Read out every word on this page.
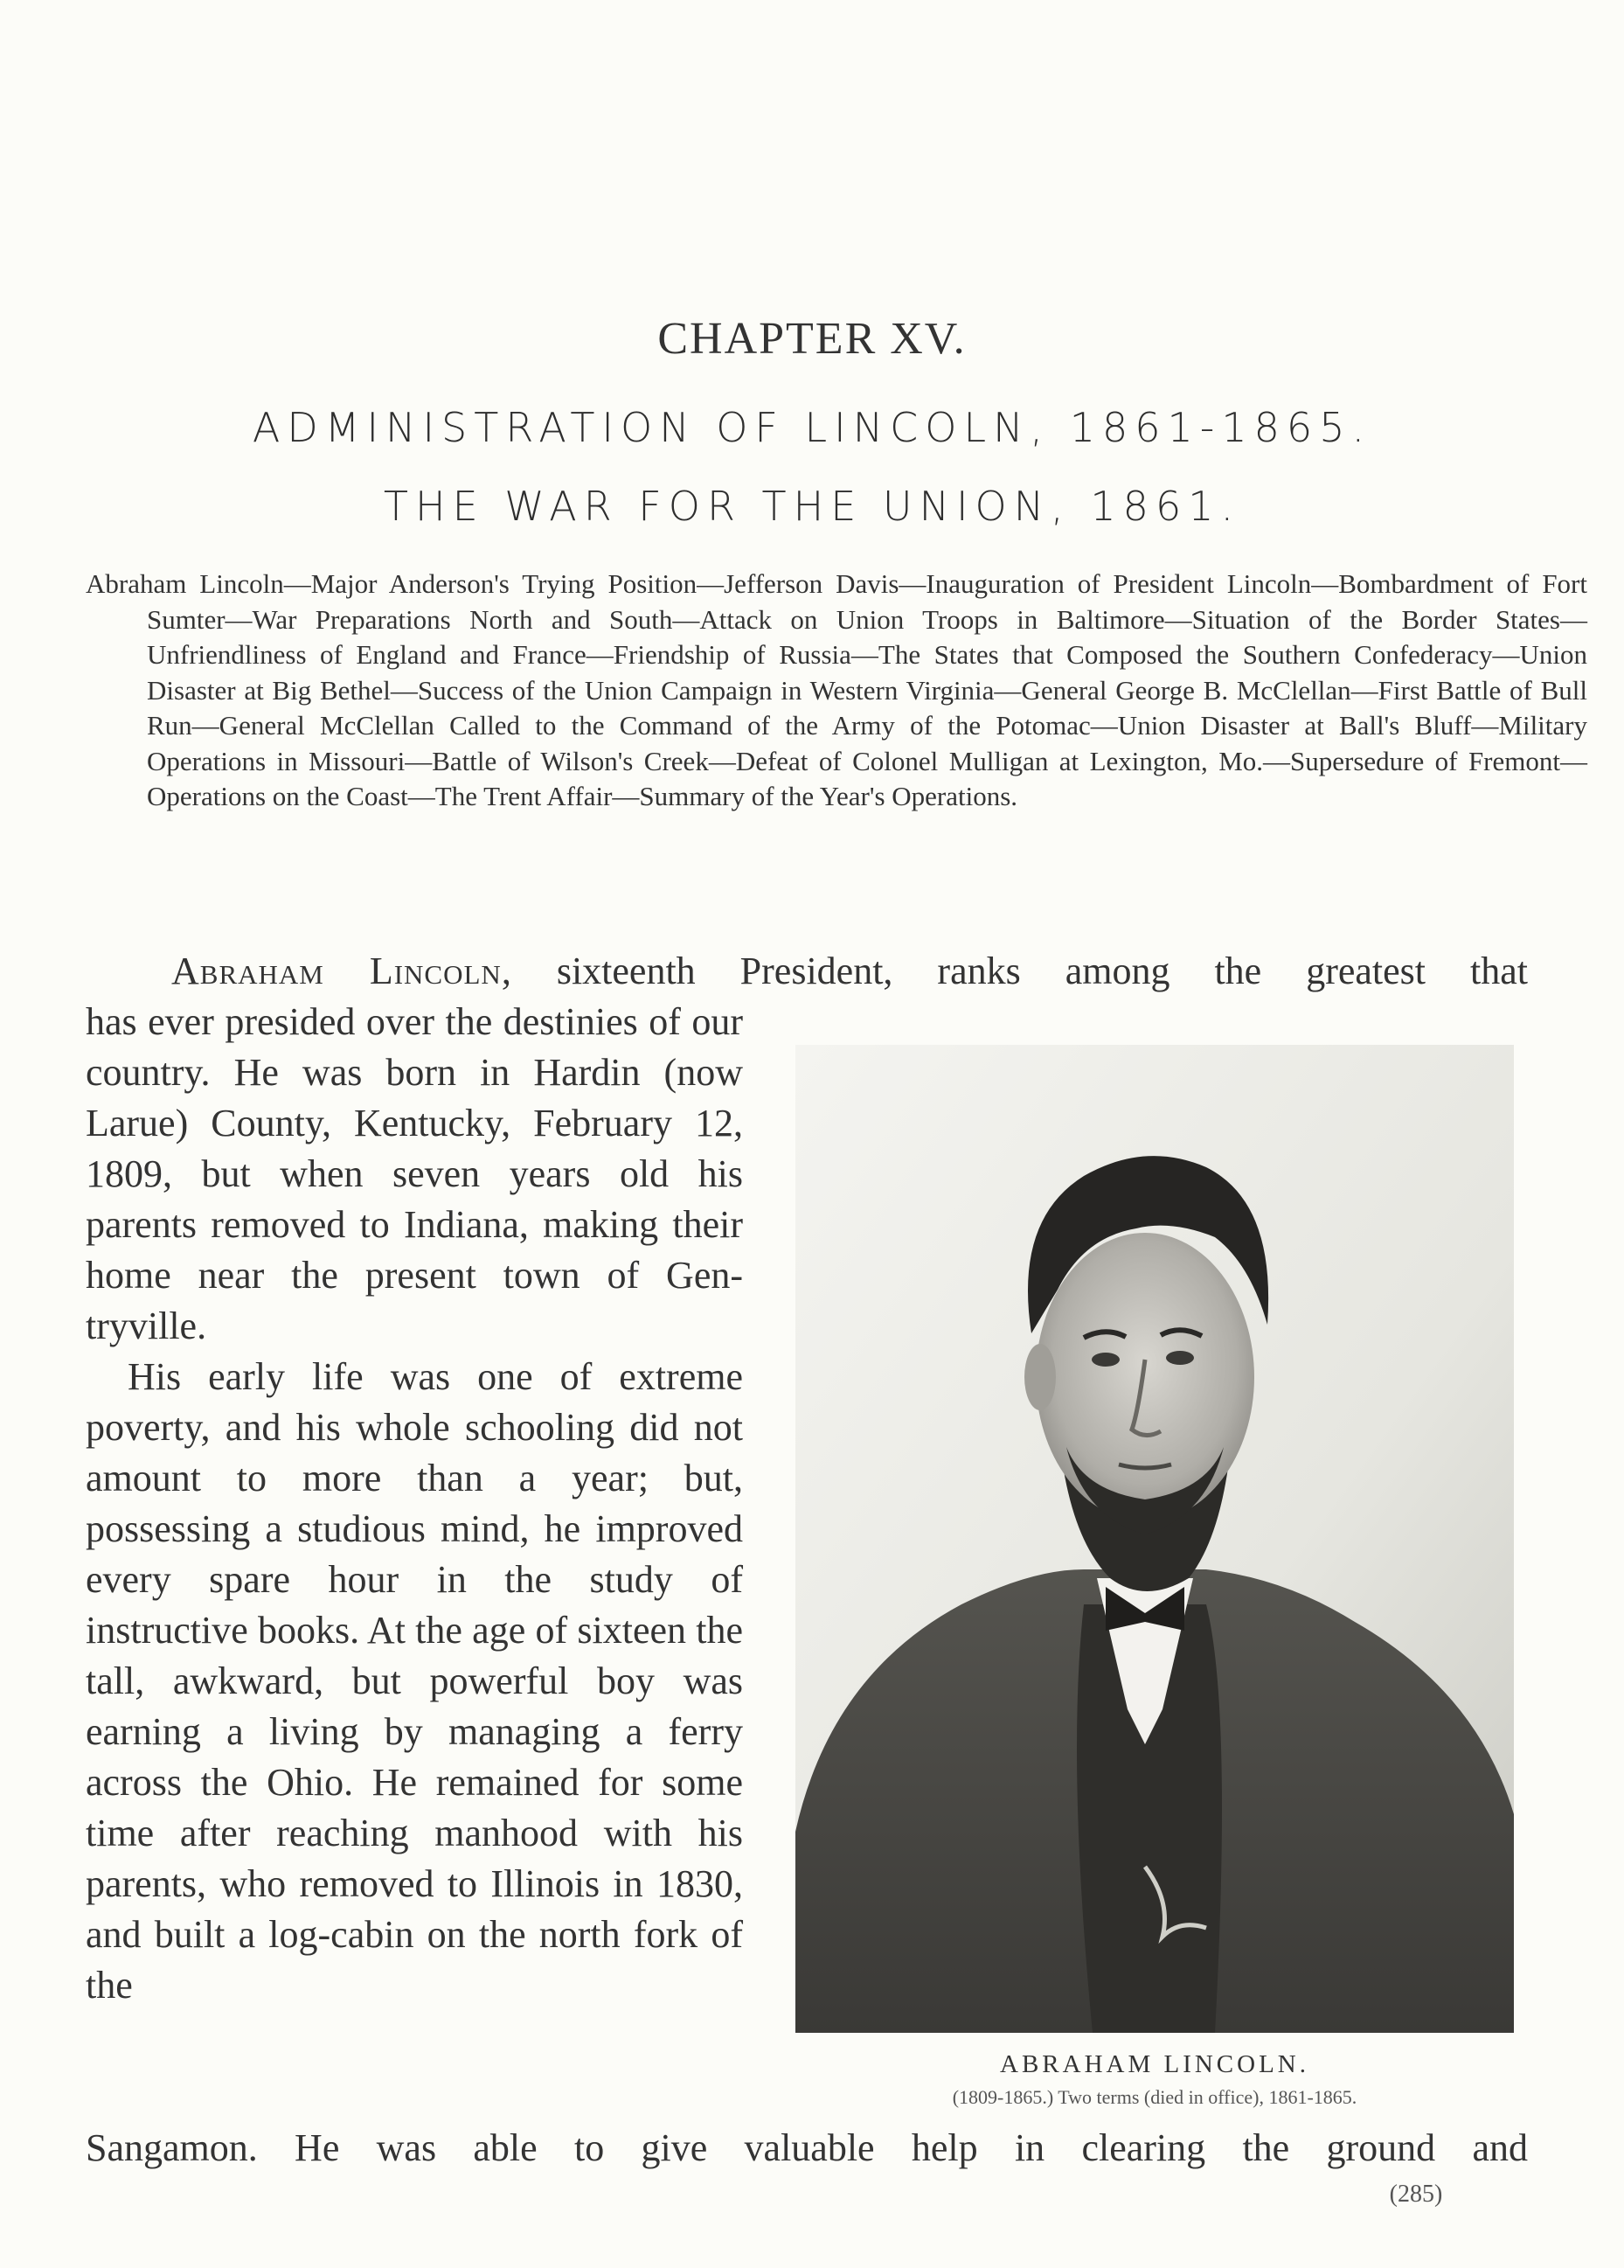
CHAPTER XV.
ADMINISTRATION OF LINCOLN, 1861-1865.
THE WAR FOR THE UNION, 1861.
Abraham Lincoln—Major Anderson's Trying Position—Jefferson Davis—Inauguration of President Lincoln—Bombardment of Fort Sumter—War Preparations North and South—Attack on Union Troops in Baltimore—Situation of the Border States—Unfriendliness of England and France—Friendship of Russia—The States that Composed the Southern Confederacy—Union Disaster at Big Bethel—Success of the Union Campaign in Western Virginia—General George B. McClellan—First Battle of Bull Run—General McClellan Called to the Command of the Army of the Potomac—Union Disaster at Ball's Bluff—Military Operations in Missouri—Battle of Wilson's Creek—Defeat of Colonel Mulligan at Lexington, Mo.—Supersedure of Fremont—Operations on the Coast—The Trent Affair—Summary of the Year's Operations.
Abraham Lincoln, sixteenth President, ranks among the greatest that

has ever presided over the destinies of our country. He was born in Hardin (now Larue) County, Kentucky, February 12, 1809, but when seven years old his parents removed to Indiana, making their home near the present town of Gentryville.

His early life was one of extreme poverty, and his whole schooling did not amount to more than a year; but, possessing a studious mind, he improved every spare hour in the study of instructive books. At the age of sixteen the tall, awkward, but powerful boy was earning a living by managing a ferry across the Ohio. He remained for some time after reaching manhood with his parents, who removed to Illinois in 1830, and built a log-cabin on the north fork of the

Sangamon. He was able to give valuable help in clearing the ground and
ABRAHAM LINCOLN.
(1809-1865.) Two terms (died in office), 1861-1865.
(285)
